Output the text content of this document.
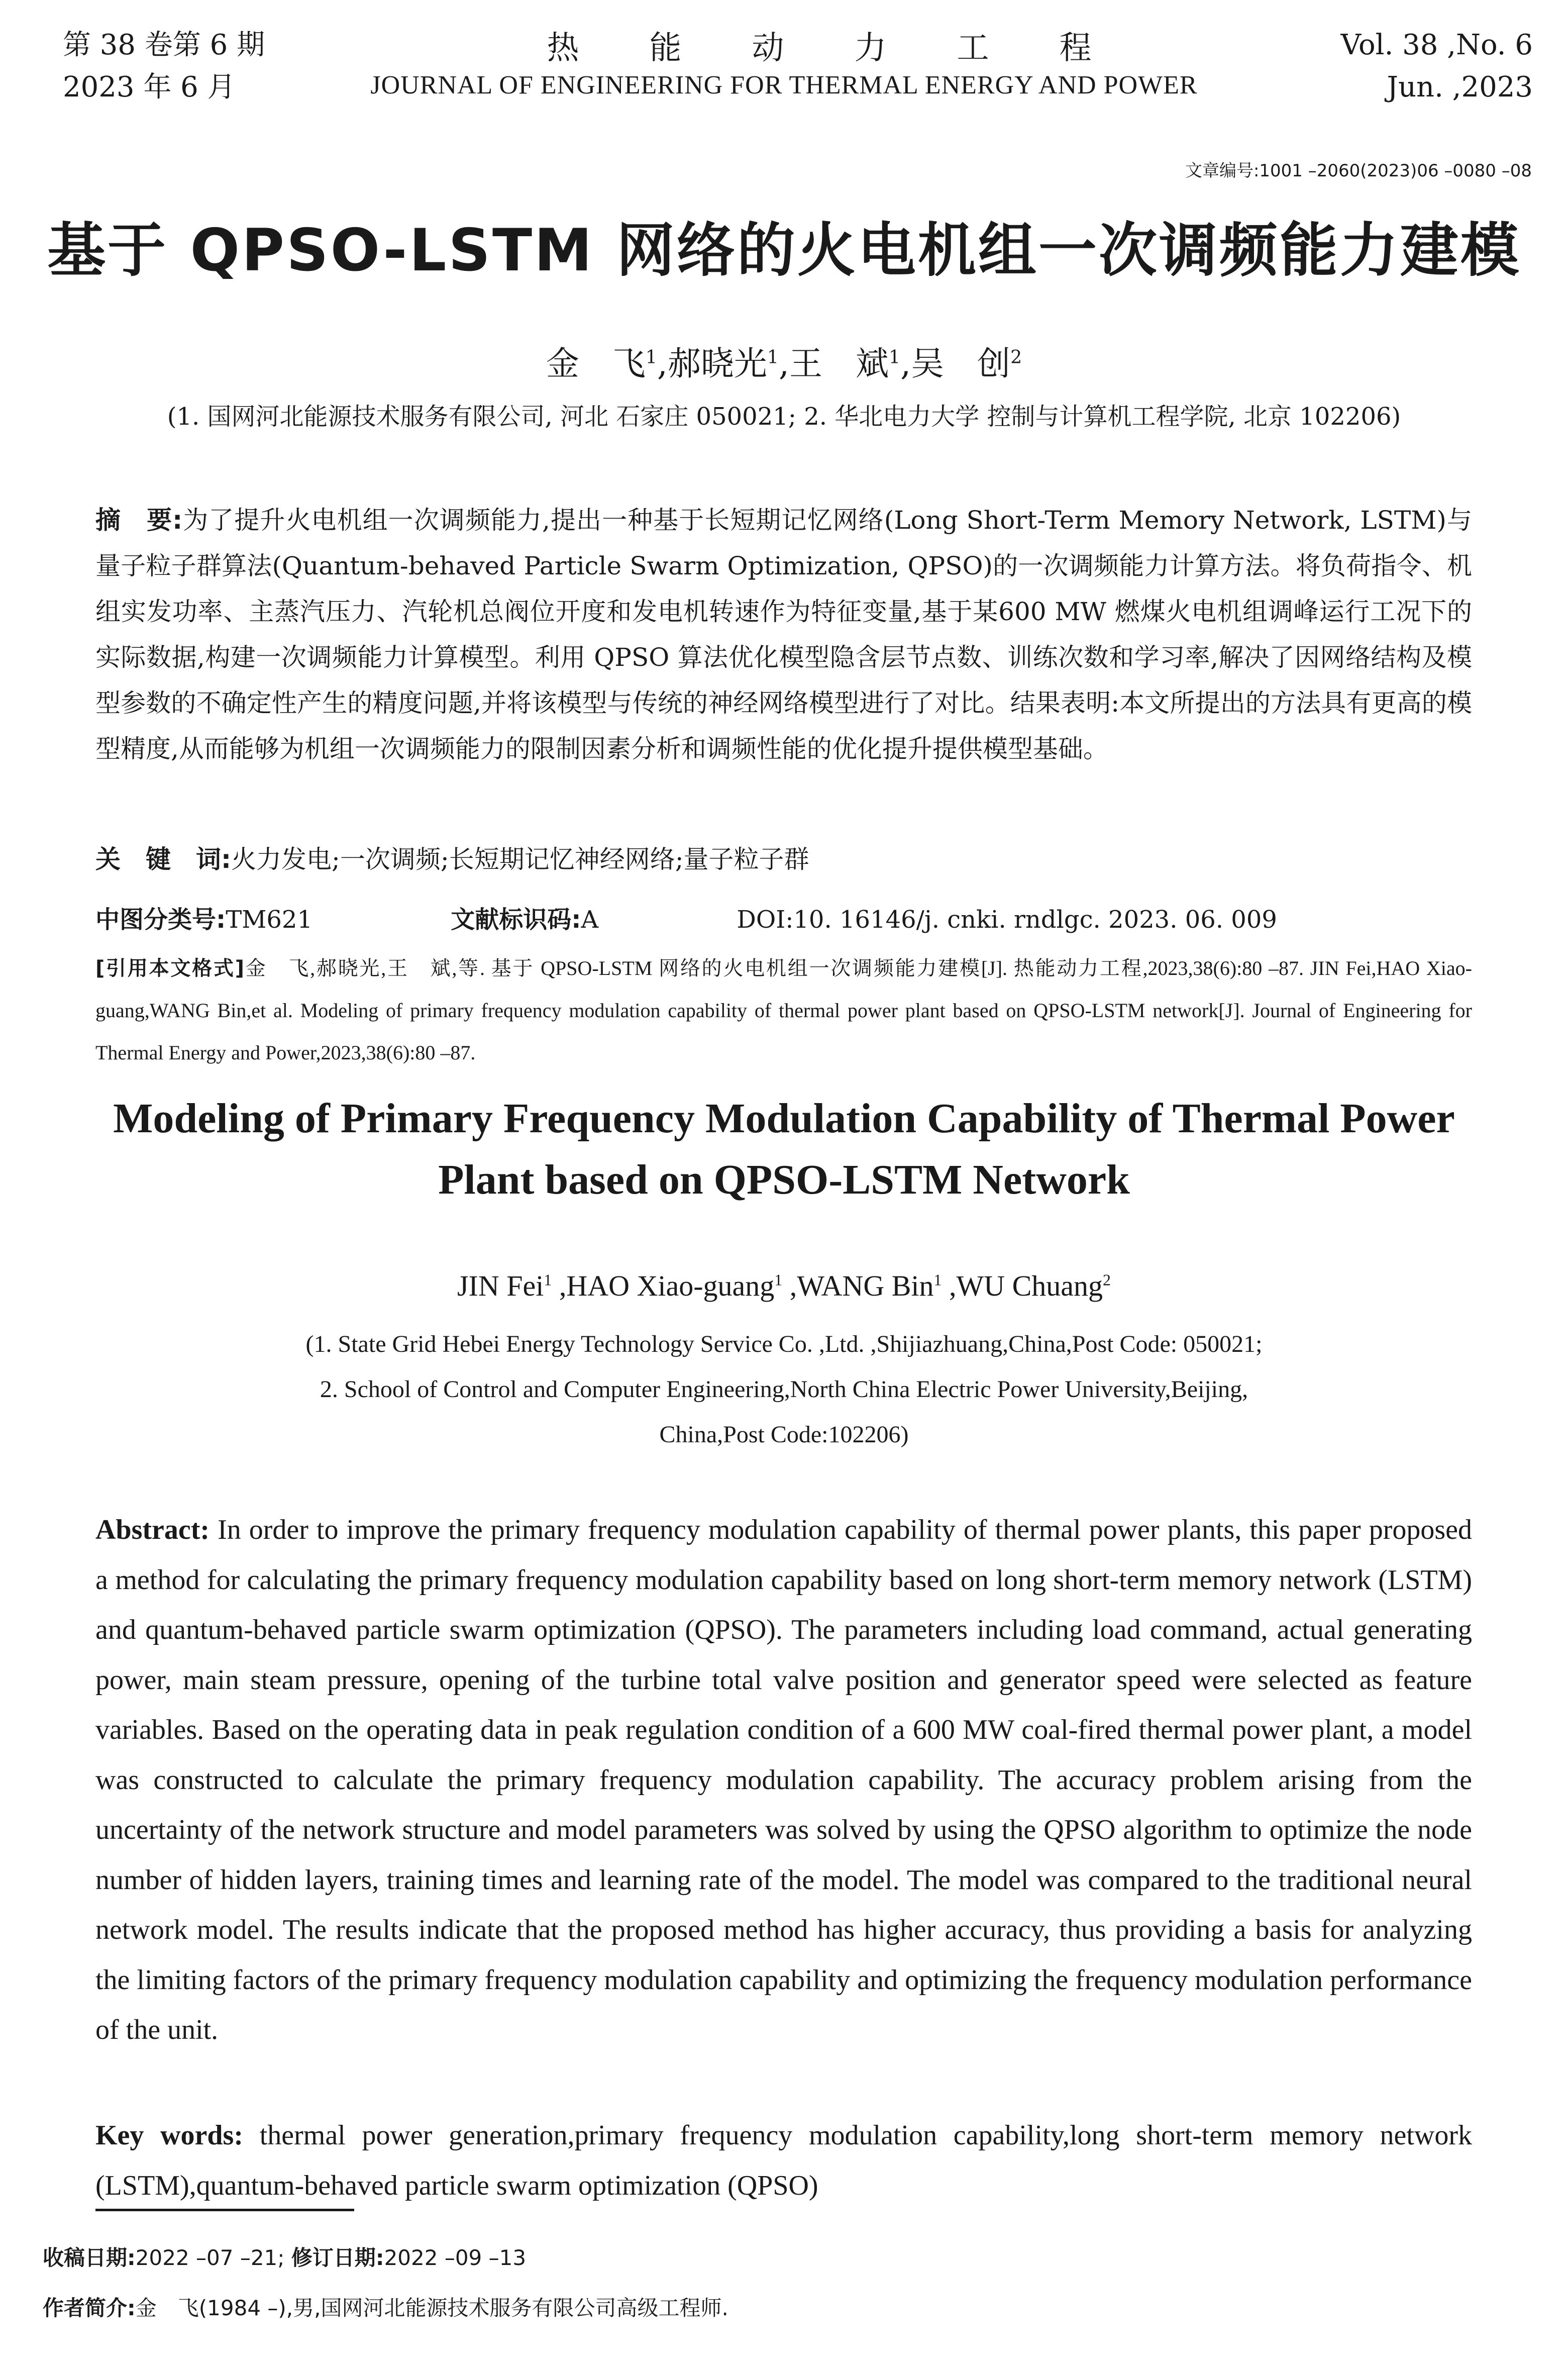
第 38 卷第 6 期
2023 年 6 月
热能动力工程
JOURNAL OF ENGINEERING FOR THERMAL ENERGY AND POWER
Vol. 38 ,No. 6
Jun. ,2023
文章编号:1001 –2060(2023)06 –0080 –08
基于 QPSO-LSTM 网络的火电机组一次调频能力建模
金　飞$^1$,郝晓光$^1$,王　斌$^1$,吴　创$^2$
(1. 国网河北能源技术服务有限公司, 河北 石家庄 050021; 2. 华北电力大学 控制与计算机工程学院, 北京 102206)
摘　要:为了提升火电机组一次调频能力,提出一种基于长短期记忆网络(Long Short-Term Memory Network, LSTM)与量子粒子群算法(Quantum-behaved Particle Swarm Optimization, QPSO)的一次调频能力计算方法。将负荷指令、机组实发功率、主蒸汽压力、汽轮机总阀位开度和发电机转速作为特征变量,基于某600 MW 燃煤火电机组调峰运行工况下的实际数据,构建一次调频能力计算模型。利用 QPSO 算法优化模型隐含层节点数、训练次数和学习率,解决了因网络结构及模型参数的不确定性产生的精度问题,并将该模型与传统的神经网络模型进行了对比。结果表明:本文所提出的方法具有更高的模型精度,从而能够为机组一次调频能力的限制因素分析和调频性能的优化提升提供模型基础。
关　键　词:火力发电;一次调频;长短期记忆神经网络;量子粒子群
中图分类号:TM621	文献标识码:A	DOI:10. 16146/j. cnki. rndlgc. 2023. 06. 009
[引用本文格式]金　飞,郝晓光,王　斌,等. 基于 QPSO-LSTM 网络的火电机组一次调频能力建模[J]. 热能动力工程,2023,38(6):80 –87. JIN Fei,HAO Xiao-guang,WANG Bin,et al. Modeling of primary frequency modulation capability of thermal power plant based on QPSO-LSTM network[J]. Journal of Engineering for Thermal Energy and Power,2023,38(6):80 –87.
Modeling of Primary Frequency Modulation Capability of Thermal Power
Plant based on QPSO-LSTM Network
JIN Fei$^1$ ,HAO Xiao-guang$^1$ ,WANG Bin$^1$ ,WU Chuang$^2$
(1. State Grid Hebei Energy Technology Service Co. ,Ltd. ,Shijiazhuang,China,Post Code: 050021;
2. School of Control and Computer Engineering,North China Electric Power University,Beijing,
China,Post Code:102206)
Abstract: In order to improve the primary frequency modulation capability of thermal power plants, this paper proposed a method for calculating the primary frequency modulation capability based on long short-term memory network (LSTM) and quantum-behaved particle swarm optimization (QPSO). The parameters including load command, actual generating power, main steam pressure, opening of the turbine total valve position and generator speed were selected as feature variables. Based on the operating data in peak regulation condition of a 600 MW coal-fired thermal power plant, a model was constructed to calculate the primary frequency modulation capability. The accuracy problem arising from the uncertainty of the network structure and model parameters was solved by using the QPSO algorithm to optimize the node number of hidden layers, training times and learning rate of the model. The model was compared to the traditional neural network model. The results indicate that the proposed method has higher accuracy, thus providing a basis for analyzing the limiting factors of the primary frequency modulation capability and optimizing the frequency modulation performance of the unit.
Key words: thermal power generation,primary frequency modulation capability,long short-term memory network (LSTM),quantum-behaved particle swarm optimization (QPSO)
收稿日期:2022 –07 –21; 修订日期:2022 –09 –13
作者简介:金　飞(1984 –),男,国网河北能源技术服务有限公司高级工程师.
